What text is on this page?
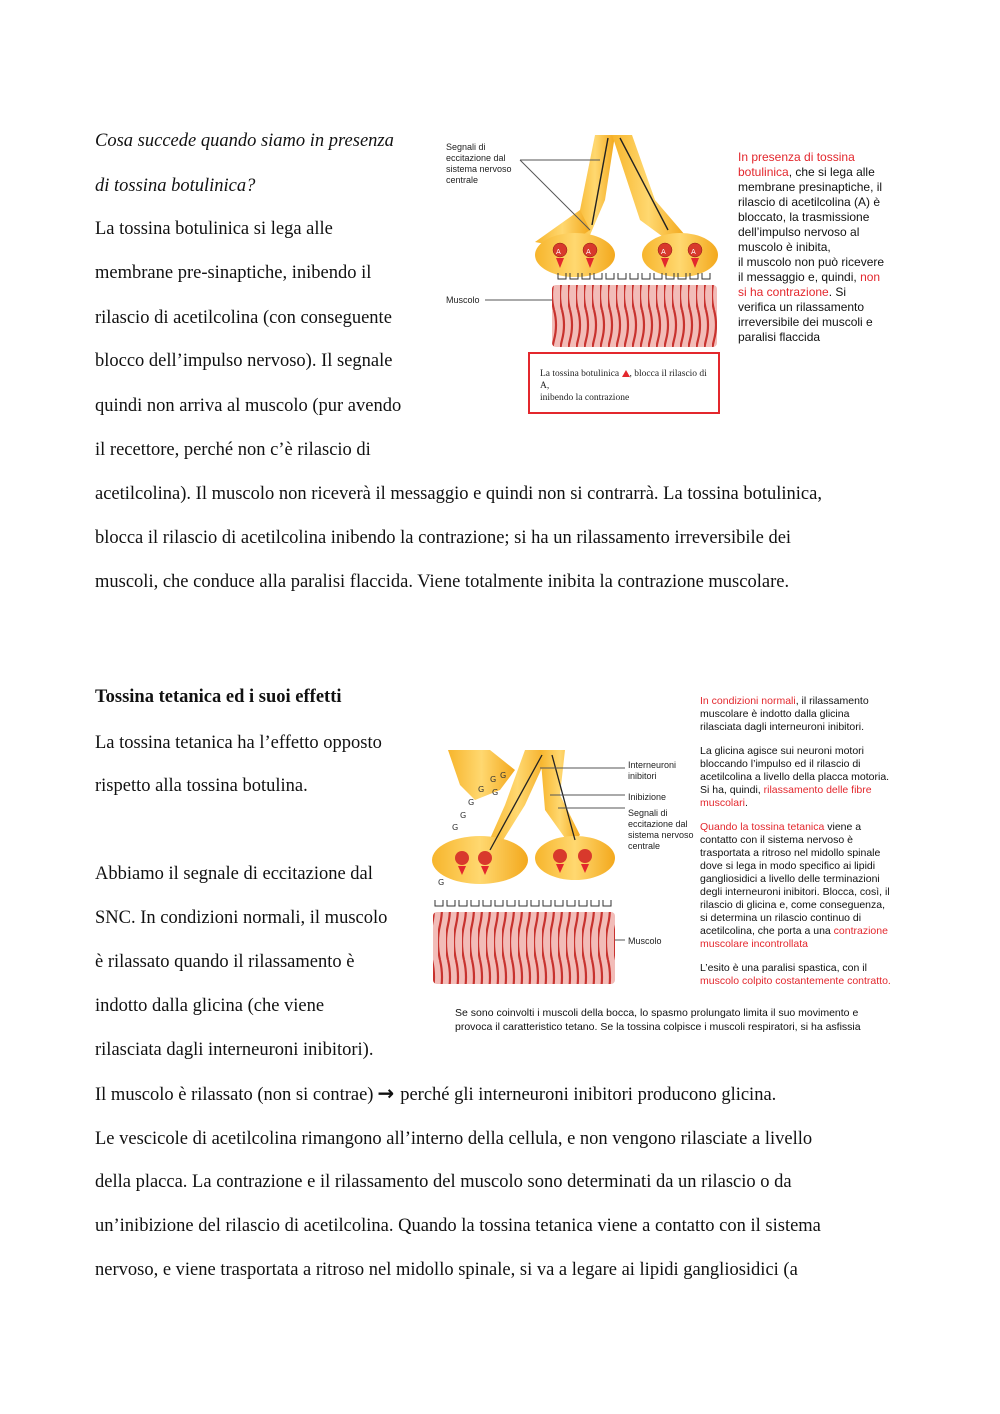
Cosa succede quando siamo in presenza
di tossina botulinica?
La tossina botulinica si lega alle
membrane pre-sinaptiche, inibendo il
rilascio di acetilcolina (con conseguente
blocco dell’impulso nervoso). Il segnale
quindi non arriva al muscolo (pur avendo
il recettore, perché non c’è rilascio di
acetilcolina). Il muscolo non riceverà il messaggio e quindi non si contrarrà. La tossina botulinica,
blocca il rilascio di acetilcolina inibendo la contrazione; si ha un rilassamento irreversibile dei
muscoli, che conduce alla paralisi flaccida. Viene totalmente inibita la contrazione muscolare.
A	A	A	A
Segnali di
eccitazione dal
sistema nervoso
centrale
Muscolo
In presenza di tossina
botulinica, che si lega alle
membrane presinaptiche, il
rilascio di acetilcolina (A) è
bloccato, la trasmissione
dell’impulso nervoso al
muscolo è inibita,
il muscolo non può ricevere
il messaggio e, quindi, non
si ha contrazione. Si
verifica un rilassamento
irreversibile dei muscoli e
paralisi flaccida
La tossina botulinica , blocca il rilascio di A,
inibendo la contrazione
Tossina tetanica ed i suoi effetti
La tossina tetanica ha l’effetto opposto
rispetto alla tossina botulina.
Abbiamo il segnale di eccitazione dal
SNC. In condizioni normali, il muscolo
è rilassato quando il rilassamento è
indotto dalla glicina (che viene
rilasciata dagli interneuroni inibitori).
Il muscolo è rilassato (non si contrae) → perché gli interneuroni inibitori producono glicina.
Le vescicole di acetilcolina rimangono all’interno della cellula, e non vengono rilasciate a livello
della placca. La contrazione e il rilassamento del muscolo sono determinati da un rilascio o da
un’inibizione del rilascio di acetilcolina. Quando la tossina tetanica viene a contatto con il sistema
nervoso, e viene trasportata a ritroso nel midollo spinale, si va a legare ai lipidi gangliosidici (a
G G
G G
G
G
G
G
Interneuroni
inibitori
Inibizione
Segnali di
eccitazione dal
sistema nervoso
centrale
Muscolo
In condizioni normali, il rilassamento
muscolare è indotto dalla glicina
rilasciata dagli interneuroni inibitori.
La glicina agisce sui neuroni motori
bloccando l’impulso ed il rilascio di
acetilcolina a livello della placca motoria.
Si ha, quindi, rilassamento delle fibre
muscolari.
Quando la tossina tetanica viene a
contatto con il sistema nervoso è
trasportata a ritroso nel midollo spinale
dove si lega in modo specifico ai lipidi
gangliosidici a livello delle terminazioni
degli interneuroni inibitori. Blocca, così, il
rilascio di glicina e, come conseguenza,
si determina un rilascio continuo di
acetilcolina, che porta a una contrazione
muscolare incontrollata
L’esito è una paralisi spastica, con il
muscolo colpito costantemente contratto.
Se sono coinvolti i muscoli della bocca, lo spasmo prolungato limita il suo movimento e
provoca il caratteristico tetano. Se la tossina colpisce i muscoli respiratori, si ha asfissia
